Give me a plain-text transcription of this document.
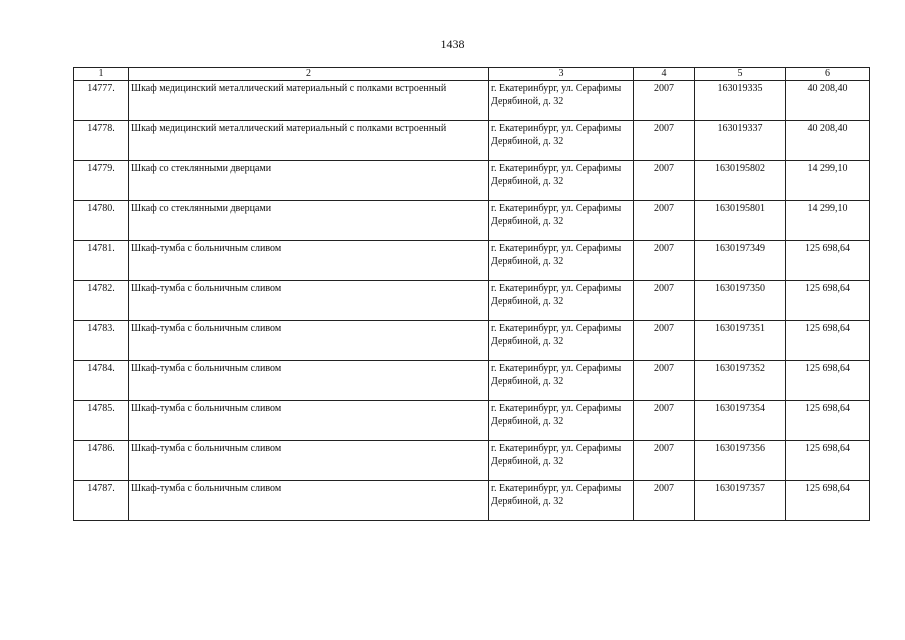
1438
1	2	3	4	5	6
14777.	Шкаф медицинский металлический материальный с полками встроенный	г. Екатеринбург, ул. Серафимы Дерябиной, д. 32	2007	163019335	40 208,40
14778.	Шкаф медицинский металлический материальный с полками встроенный	г. Екатеринбург, ул. Серафимы Дерябиной, д. 32	2007	163019337	40 208,40
14779.	Шкаф со стеклянными дверцами	г. Екатеринбург, ул. Серафимы Дерябиной, д. 32	2007	1630195802	14 299,10
14780.	Шкаф со стеклянными дверцами	г. Екатеринбург, ул. Серафимы Дерябиной, д. 32	2007	1630195801	14 299,10
14781.	Шкаф-тумба с больничным сливом	г. Екатеринбург, ул. Серафимы Дерябиной, д. 32	2007	1630197349	125 698,64
14782.	Шкаф-тумба с больничным сливом	г. Екатеринбург, ул. Серафимы Дерябиной, д. 32	2007	1630197350	125 698,64
14783.	Шкаф-тумба с больничным сливом	г. Екатеринбург, ул. Серафимы Дерябиной, д. 32	2007	1630197351	125 698,64
14784.	Шкаф-тумба с больничным сливом	г. Екатеринбург, ул. Серафимы Дерябиной, д. 32	2007	1630197352	125 698,64
14785.	Шкаф-тумба с больничным сливом	г. Екатеринбург, ул. Серафимы Дерябиной, д. 32	2007	1630197354	125 698,64
14786.	Шкаф-тумба с больничным сливом	г. Екатеринбург, ул. Серафимы Дерябиной, д. 32	2007	1630197356	125 698,64
14787.	Шкаф-тумба с больничным сливом	г. Екатеринбург, ул. Серафимы Дерябиной, д. 32	2007	1630197357	125 698,64
